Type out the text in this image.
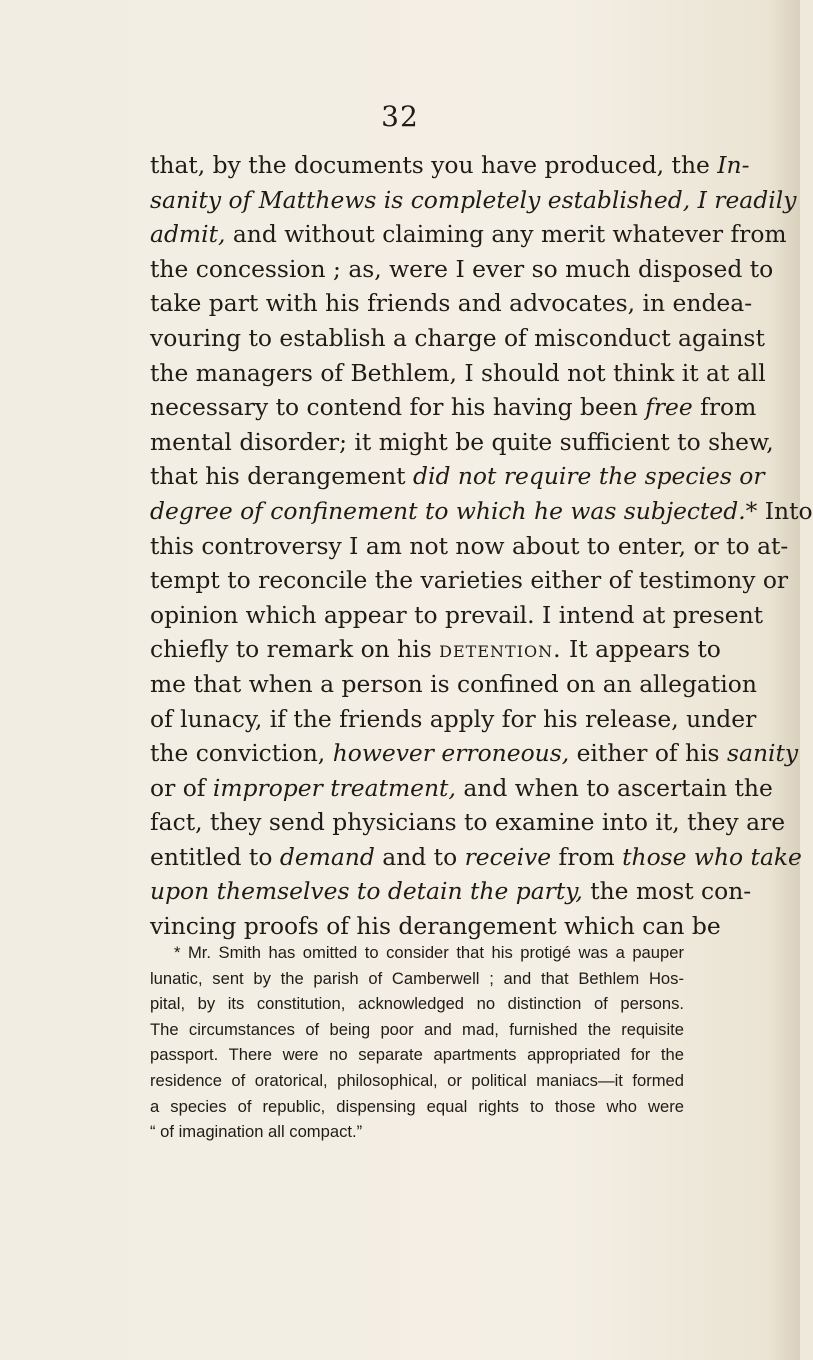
32
that, by the documents you have produced, the In-
sanity of Matthews is completely established, I readily
admit, and without claiming any merit whatever from
the concession ; as, were I ever so much disposed to
take part with his friends and advocates, in endea-
vouring to establish a charge of misconduct against
the managers of Bethlem, I should not think it at all
necessary to contend for his having been free from
mental disorder; it might be quite sufficient to shew,
that his derangement did not require the species or
degree of confinement to which he was subjected.* Into
this controversy I am not now about to enter, or to at-
tempt to reconcile the varieties either of testimony or
opinion which appear to prevail. I intend at present
chiefly to remark on his detention. It appears to
me that when a person is confined on an allegation
of lunacy, if the friends apply for his release, under
the conviction, however erroneous, either of his sanity
or of improper treatment, and when to ascertain the
fact, they send physicians to examine into it, they are
entitled to demand and to receive from those who take
upon themselves to detain the party, the most con-
vincing proofs of his derangement which can be
* Mr. Smith has omitted to consider that his protigé was a pauper
lunatic, sent by the parish of Camberwell ; and that Bethlem Hos-
pital, by its constitution, acknowledged no distinction of persons.
The circumstances of being poor and mad, furnished the requisite
passport. There were no separate apartments appropriated for the
residence of oratorical, philosophical, or political maniacs—it formed
a species of republic, dispensing equal rights to those who were
“ of imagination all compact.”
